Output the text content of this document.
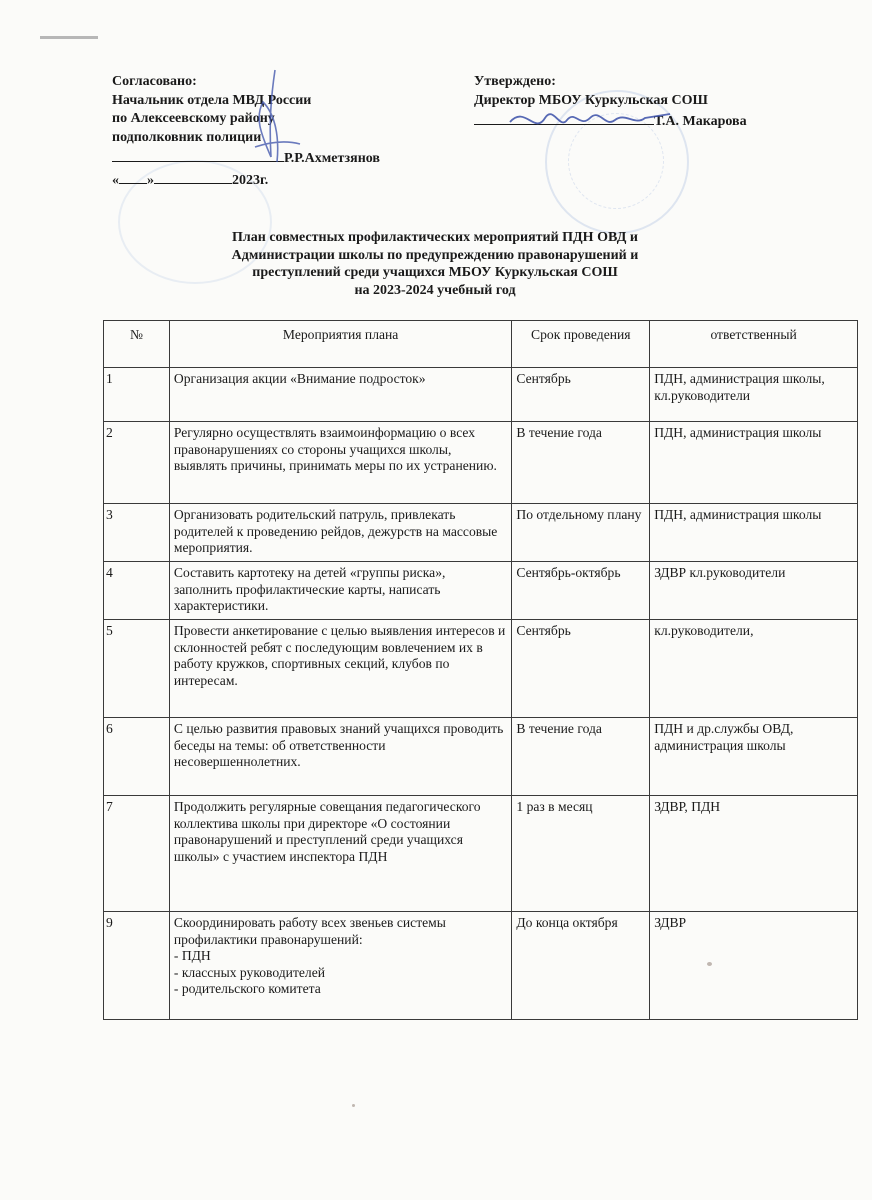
Согласовано:
Начальник отдела МВД России
по Алексеевскому району
подполковник полиции
Р.Р.Ахметзянов
« »	2023г.
Утверждено:
Директор МБОУ Куркульская СОШ
Т.А. Макарова
План совместных профилактических мероприятий ПДН ОВД и
Администрации школы по предупреждению правонарушений и
преступлений среди учащихся МБОУ Куркульская СОШ
на 2023-2024 учебный год
№	Мероприятия плана	Срок проведения	ответственный
1	Организация акции «Внимание подросток»	Сентябрь	ПДН, администрация школы, кл.руководители
2	Регулярно осуществлять взаимоинформацию о всех правонарушениях со стороны учащихся школы, выявлять причины, принимать меры по их устранению.	В течение года	ПДН, администрация школы
3	Организовать родительский патруль, привлекать родителей к проведению рейдов, дежурств на массовые мероприятия.	По отдельному плану	ПДН, администрация школы
4	Составить картотеку на детей «группы риска», заполнить профилактические карты, написать характеристики.	Сентябрь-октябрь	ЗДВР кл.руководители
5	Провести анкетирование с целью выявления интересов и склонностей ребят с последующим вовлечением их в работу кружков, спортивных секций, клубов по интересам.	Сентябрь	кл.руководители,
6	С целью развития правовых знаний учащихся проводить беседы на темы: об ответственности несовершеннолетних.	В течение года	ПДН и др.службы ОВД, администрация школы
7	Продолжить регулярные совещания педагогического коллектива школы при директоре «О состоянии правонарушений и преступлений среди учащихся школы» с участием инспектора ПДН	1 раз в месяц	ЗДВР, ПДН
9	Скоординировать работу всех звеньев системы профилактики правонарушений:
- ПДН
- классных руководителей
- родительского комитета	До конца октября	ЗДВР
